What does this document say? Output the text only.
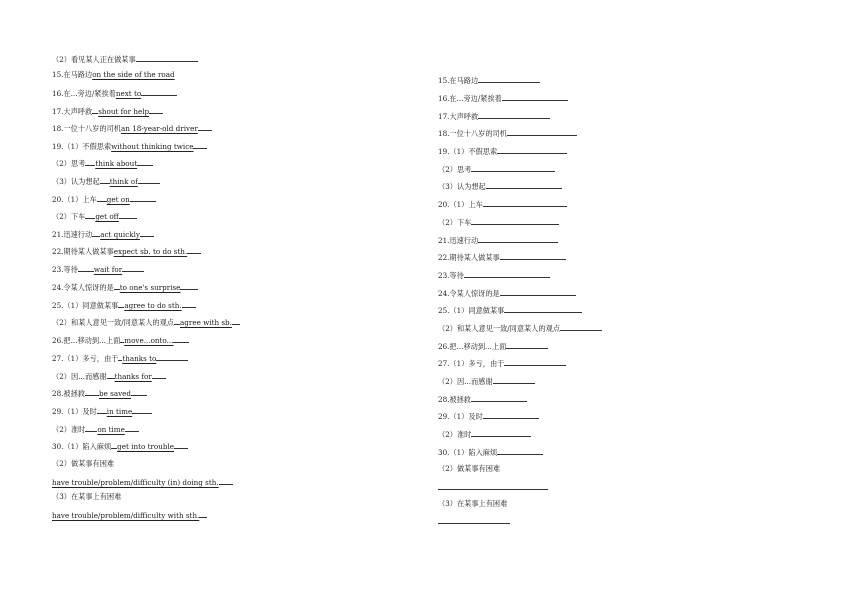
（2）看见某人正在做某事
15.在马路边on the side of the road
16.在...旁边/紧挨着next to
17.大声呼救 shout for help
18.一位十八岁的司机an 18-year-old driver
19.（1）不假思索without thinking twice
（2）思考 think about
（3）认为想起 think of
20.（1）上车 get on
（2）下车 get off
21.迅速行动 act quickly
22.期待某人做某事expect sb. to do sth.
23.等待 wait for
24.令某人惊讶的是 to one's surprise
25.（1）同意做某事 agree to do sth.
（2）和某人意见一致/同意某人的观点 agree with sb.
26.把...移动到...上面 move...onto...
27.（1）多亏，由于 thanks to
（2）因...而感谢 thanks for
28.被拯救 be saved
29.（1）及时 in time
（2）准时 on time
30.（1）陷入麻烦 get into trouble
（2）做某事有困难
have trouble/problem/difficulty (in) doing sth.
（3）在某事上有困难
have trouble/problem/difficulty with sth.
15.在马路边
16.在...旁边/紧挨着
17.大声呼救
18.一位十八岁的司机
19.（1）不假思索
（2）思考
（3）认为想起
20.（1）上车
（2）下车
21.迅速行动
22.期待某人做某事
23.等待
24.令某人惊讶的是
25.（1）同意做某事
（2）和某人意见一致/同意某人的观点
26.把...移动到...上面
27.（1）多亏，由于
（2）因...而感谢
28.被拯救
29.（1）及时
（2）准时
30.（1）陷入麻烦
（2）做某事有困难
（3）在某事上有困难
